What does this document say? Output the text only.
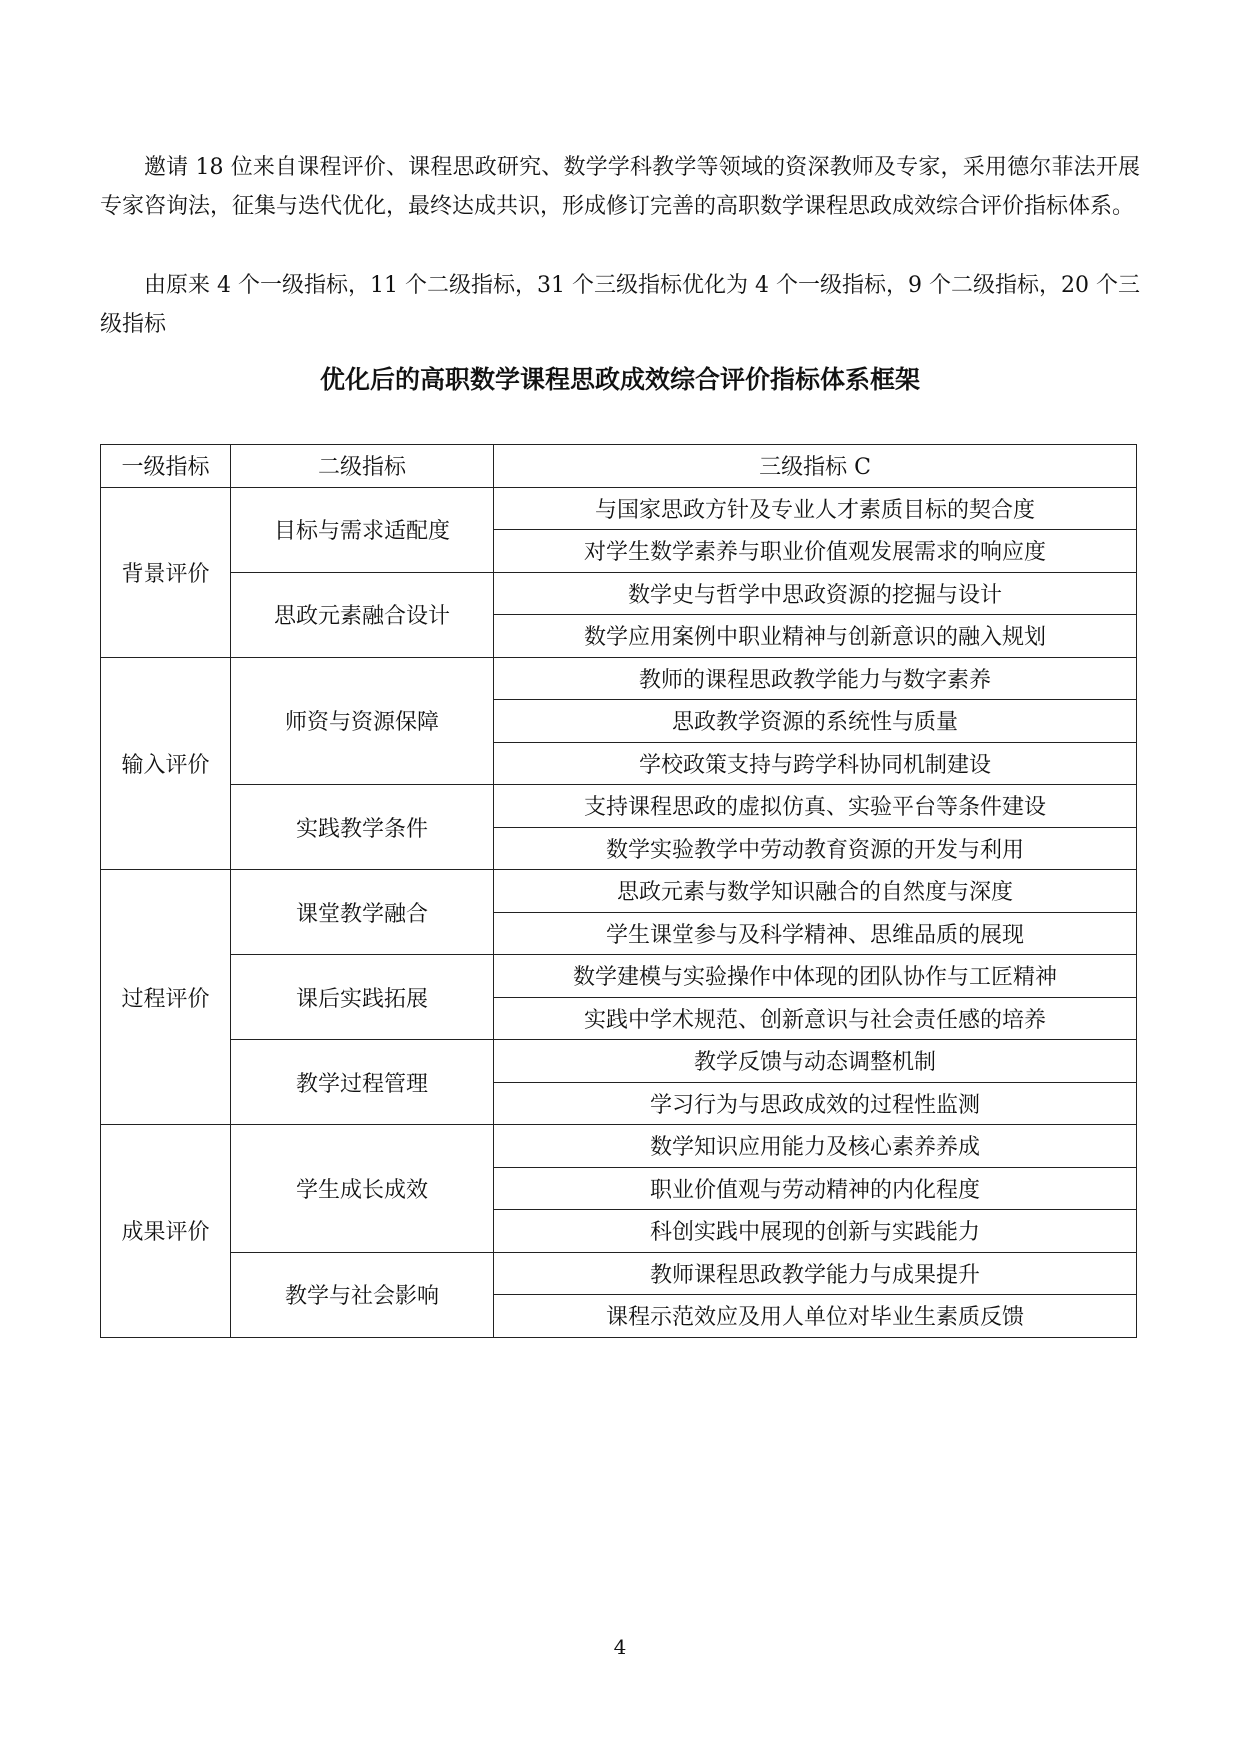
邀请 18 位来自课程评价、课程思政研究、数学学科教学等领域的资深教师及专家，采用德尔菲法开展专家咨询法，征集与迭代优化，最终达成共识，形成修订完善的高职数学课程思政成效综合评价指标体系。

由原来 4 个一级指标，11 个二级指标，31 个三级指标优化为 4 个一级指标，9 个二级指标，20 个三级指标

优化后的高职数学课程思政成效综合评价指标体系框架
一级指标	二级指标	三级指标 C
背景评价	目标与需求适配度	与国家思政方针及专业人才素质目标的契合度
		对学生数学素养与职业价值观发展需求的响应度
	思政元素融合设计	数学史与哲学中思政资源的挖掘与设计
		数学应用案例中职业精神与创新意识的融入规划
输入评价	师资与资源保障	教师的课程思政教学能力与数字素养
		思政教学资源的系统性与质量
		学校政策支持与跨学科协同机制建设
	实践教学条件	支持课程思政的虚拟仿真、实验平台等条件建设
		数学实验教学中劳动教育资源的开发与利用
过程评价	课堂教学融合	思政元素与数学知识融合的自然度与深度
		学生课堂参与及科学精神、思维品质的展现
	课后实践拓展	数学建模与实验操作中体现的团队协作与工匠精神
		实践中学术规范、创新意识与社会责任感的培养
	教学过程管理	教学反馈与动态调整机制
		学习行为与思政成效的过程性监测
成果评价	学生成长成效	数学知识应用能力及核心素养养成
		职业价值观与劳动精神的内化程度
		科创实践中展现的创新与实践能力
	教学与社会影响	教师课程思政教学能力与成果提升
		课程示范效应及用人单位对毕业生素质反馈

4
